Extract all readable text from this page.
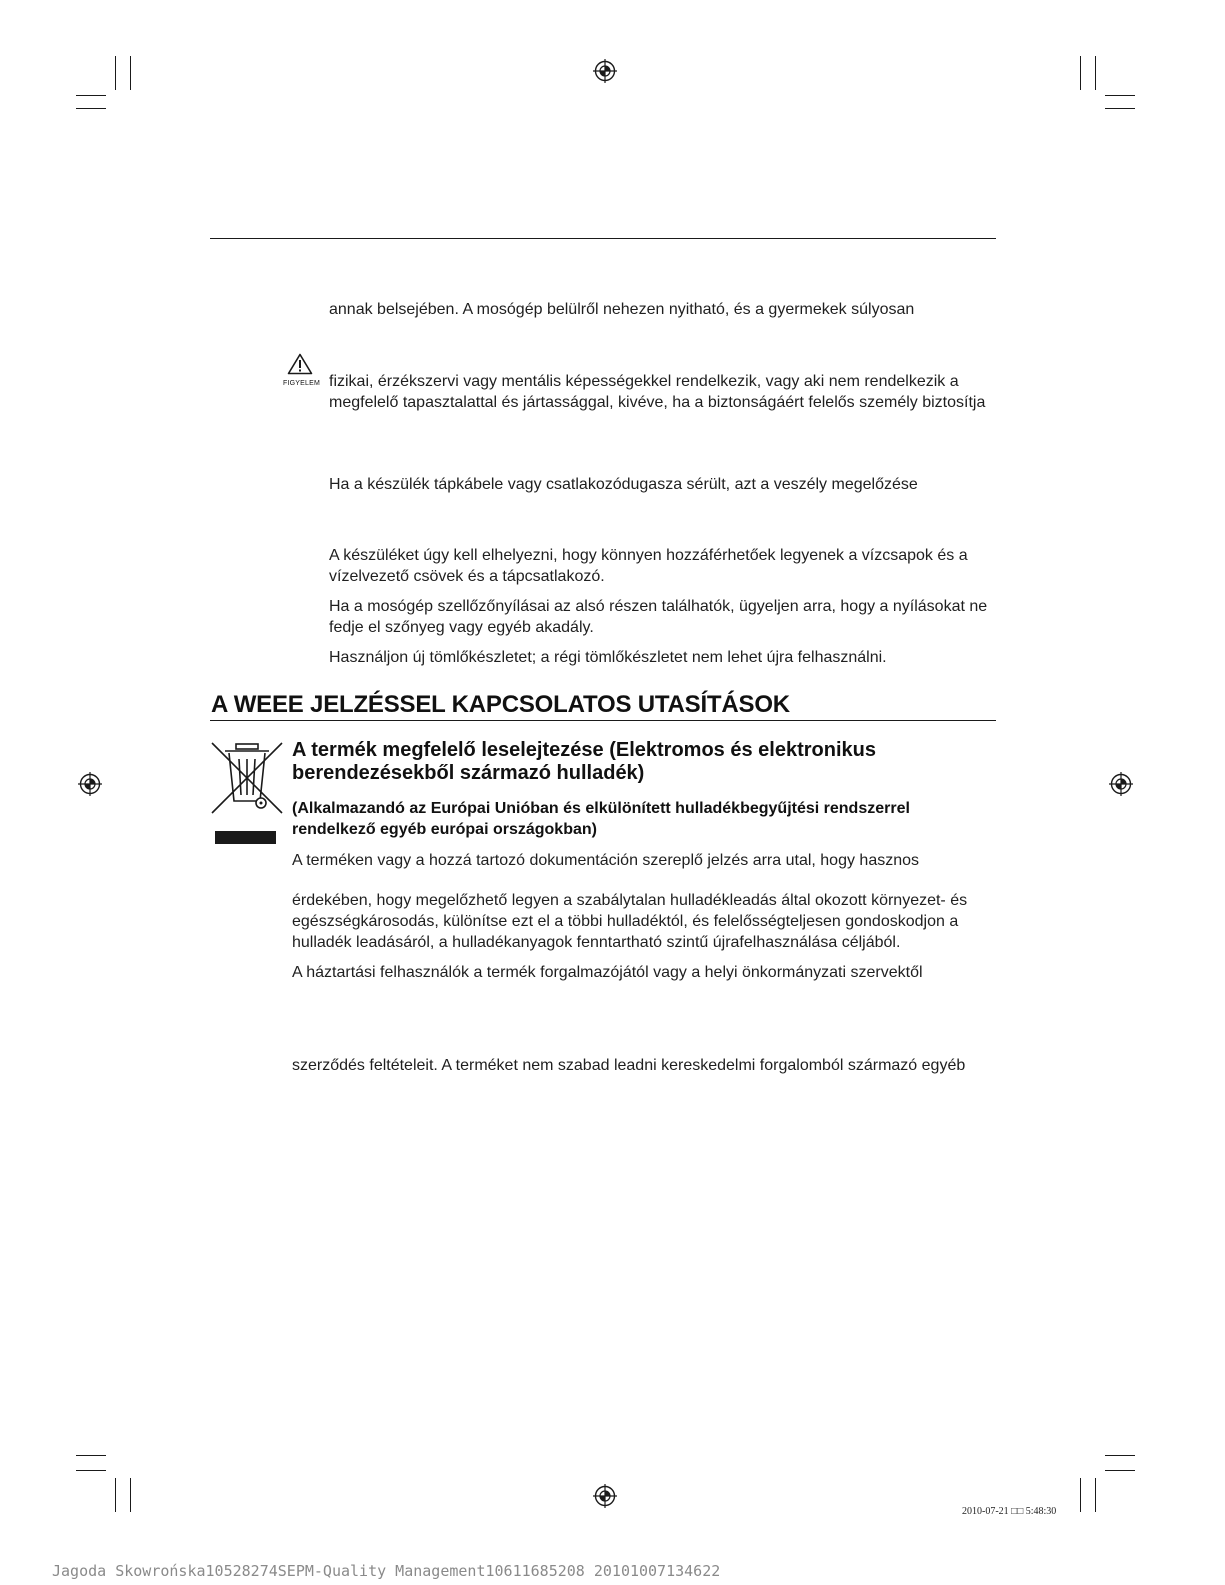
annak belsejében. A mosógép belülről nehezen nyitható, és a gyermekek súlyosan
FIGYELEM fizikai, érzékszervi vagy mentális képességekkel rendelkezik, vagy aki nem rendelkezik a
megfelelő tapasztalattal és jártassággal, kivéve, ha a biztonságáért felelős személy biztosítja
Ha a készülék tápkábele vagy csatlakozódugasza sérült, azt a veszély megelőzése
A készüléket úgy kell elhelyezni, hogy könnyen hozzáférhetőek legyenek a vízcsapok és a
vízelvezető csövek és a tápcsatlakozó.
Ha a mosógép szellőzőnyílásai az alsó részen találhatók, ügyeljen arra, hogy a nyílásokat ne
fedje el szőnyeg vagy egyéb akadály.
Használjon új tömlőkészletet; a régi tömlőkészletet nem lehet újra felhasználni.
A WEEE JELZÉSSEL KAPCSOLATOS UTASÍTÁSOK
A termék megfelelő leselejtezése (Elektromos és elektronikus
berendezésekből származó hulladék)
(Alkalmazandó az Európai Unióban és elkülönített hulladékbegyűjtési rendszerrel
rendelkező egyéb európai országokban)
A terméken vagy a hozzá tartozó dokumentáción szereplő jelzés arra utal, hogy hasznos
érdekében, hogy megelőzhető legyen a szabálytalan hulladékleadás által okozott környezet- és
egészségkárosodás, különítse ezt el a többi hulladéktól, és felelősségteljesen gondoskodjon a
hulladék leadásáról, a hulladékanyagok fenntartható szintű újrafelhasználása céljából.
A háztartási felhasználók a termék forgalmazójától vagy a helyi önkormányzati szervektől
szerződés feltételeit. A terméket nem szabad leadni kereskedelmi forgalomból származó egyéb
2010-07-21 □□ 5:48:30
Jagoda Skowrońska10528274SEPM-Quality Management10611685208 20101007134622
